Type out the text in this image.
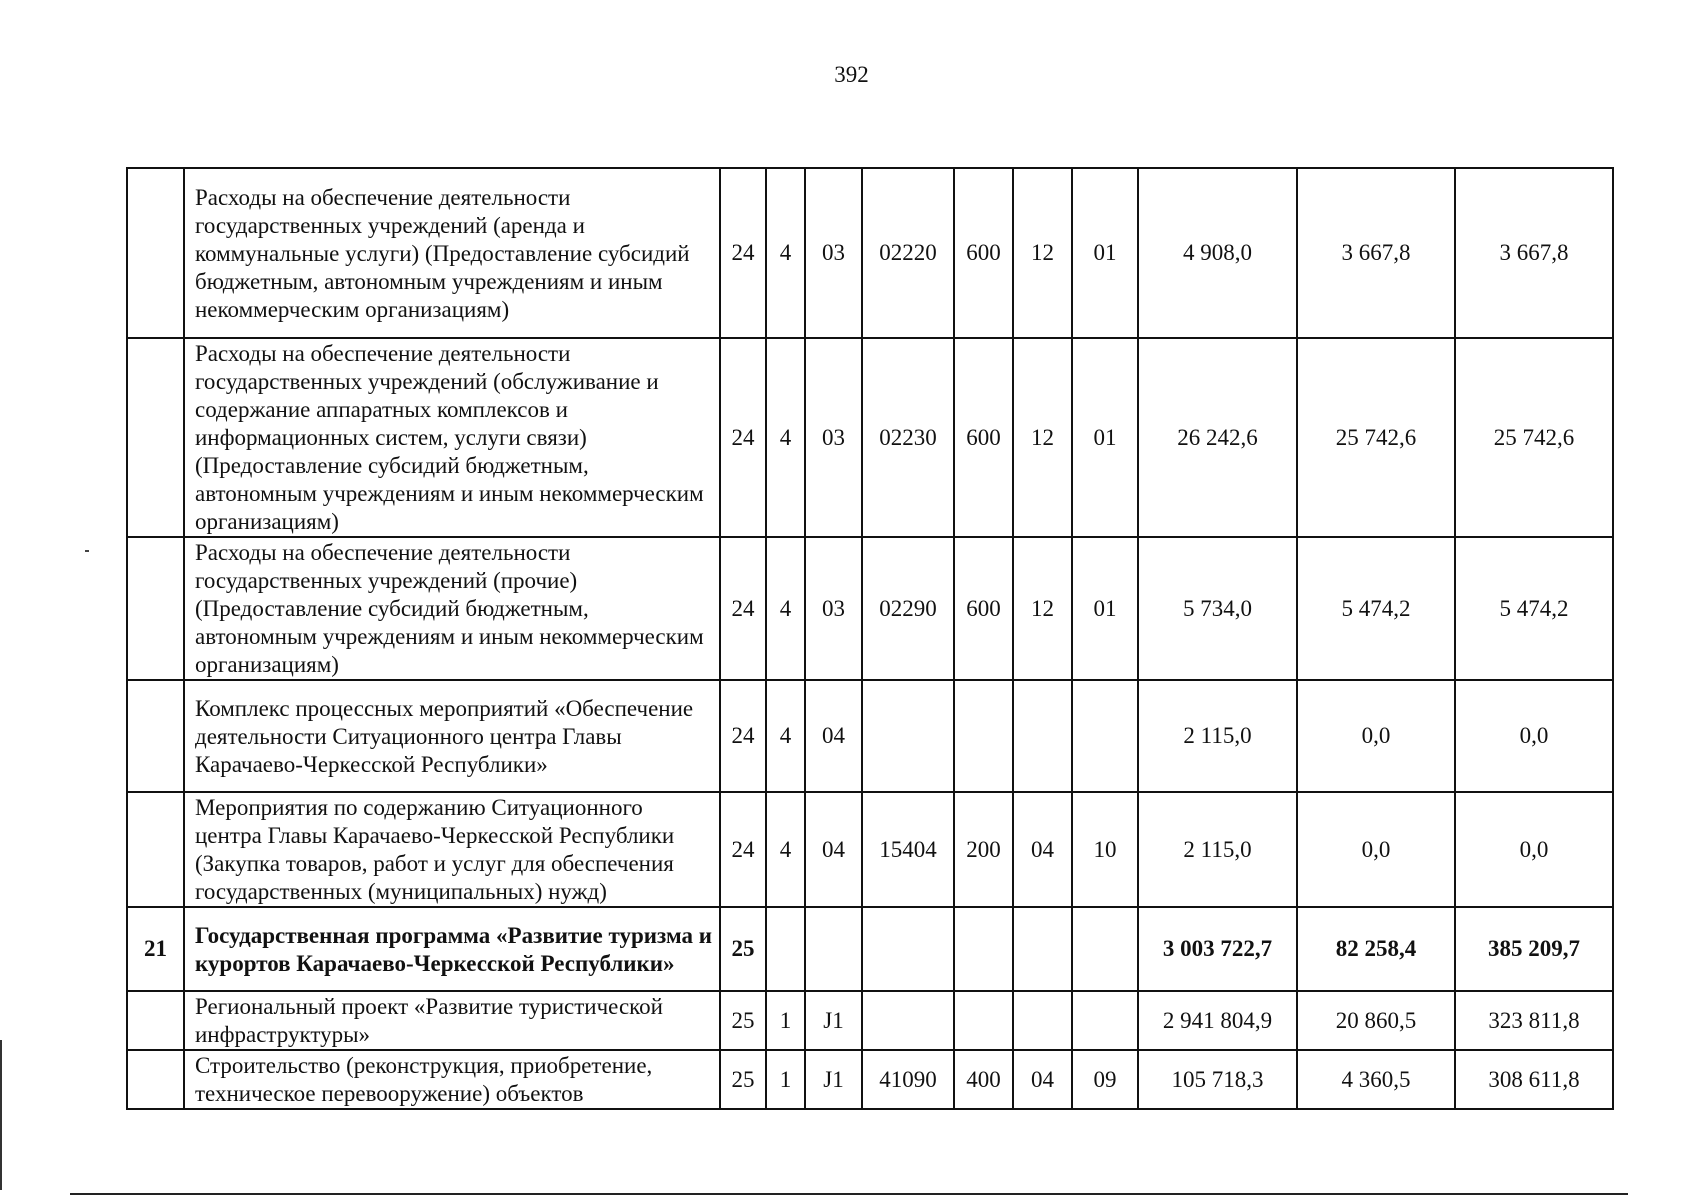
392
	Расходы на обеспечение деятельности государственных учреждений (аренда и коммунальные услуги) (Предоставление субсидий бюджетным, автономным учреждениям и иным некоммерческим организациям)	24	4	03	02220	600	12	01	4 908,0	3 667,8	3 667,8
	Расходы на обеспечение деятельности государственных учреждений (обслуживание и содержание аппаратных комплексов и информационных систем, услуги связи) (Предоставление субсидий бюджетным, автономным учреждениям и иным некоммерческим организациям)	24	4	03	02230	600	12	01	26 242,6	25 742,6	25 742,6
	Расходы на обеспечение деятельности государственных учреждений (прочие) (Предоставление субсидий бюджетным, автономным учреждениям и иным некоммерческим организациям)	24	4	03	02290	600	12	01	5 734,0	5 474,2	5 474,2
	Комплекс процессных мероприятий «Обеспечение деятельности Ситуационного центра Главы Карачаево-Черкесской Республики»	24	4	04					2 115,0	0,0	0,0
	Мероприятия по содержанию Ситуационного центра Главы Карачаево-Черкесской Республики (Закупка товаров, работ и услуг для обеспечения государственных (муниципальных) нужд)	24	4	04	15404	200	04	10	2 115,0	0,0	0,0
21	Государственная программа «Развитие туризма и курортов Карачаево-Черкесской Республики»	25							3 003 722,7	82 258,4	385 209,7
	Региональный проект «Развитие туристической инфраструктуры»	25	1	J1					2 941 804,9	20 860,5	323 811,8
	Строительство (реконструкция, приобретение, техническое перевооружение) объектов	25	1	J1	41090	400	04	09	105 718,3	4 360,5	308 611,8
